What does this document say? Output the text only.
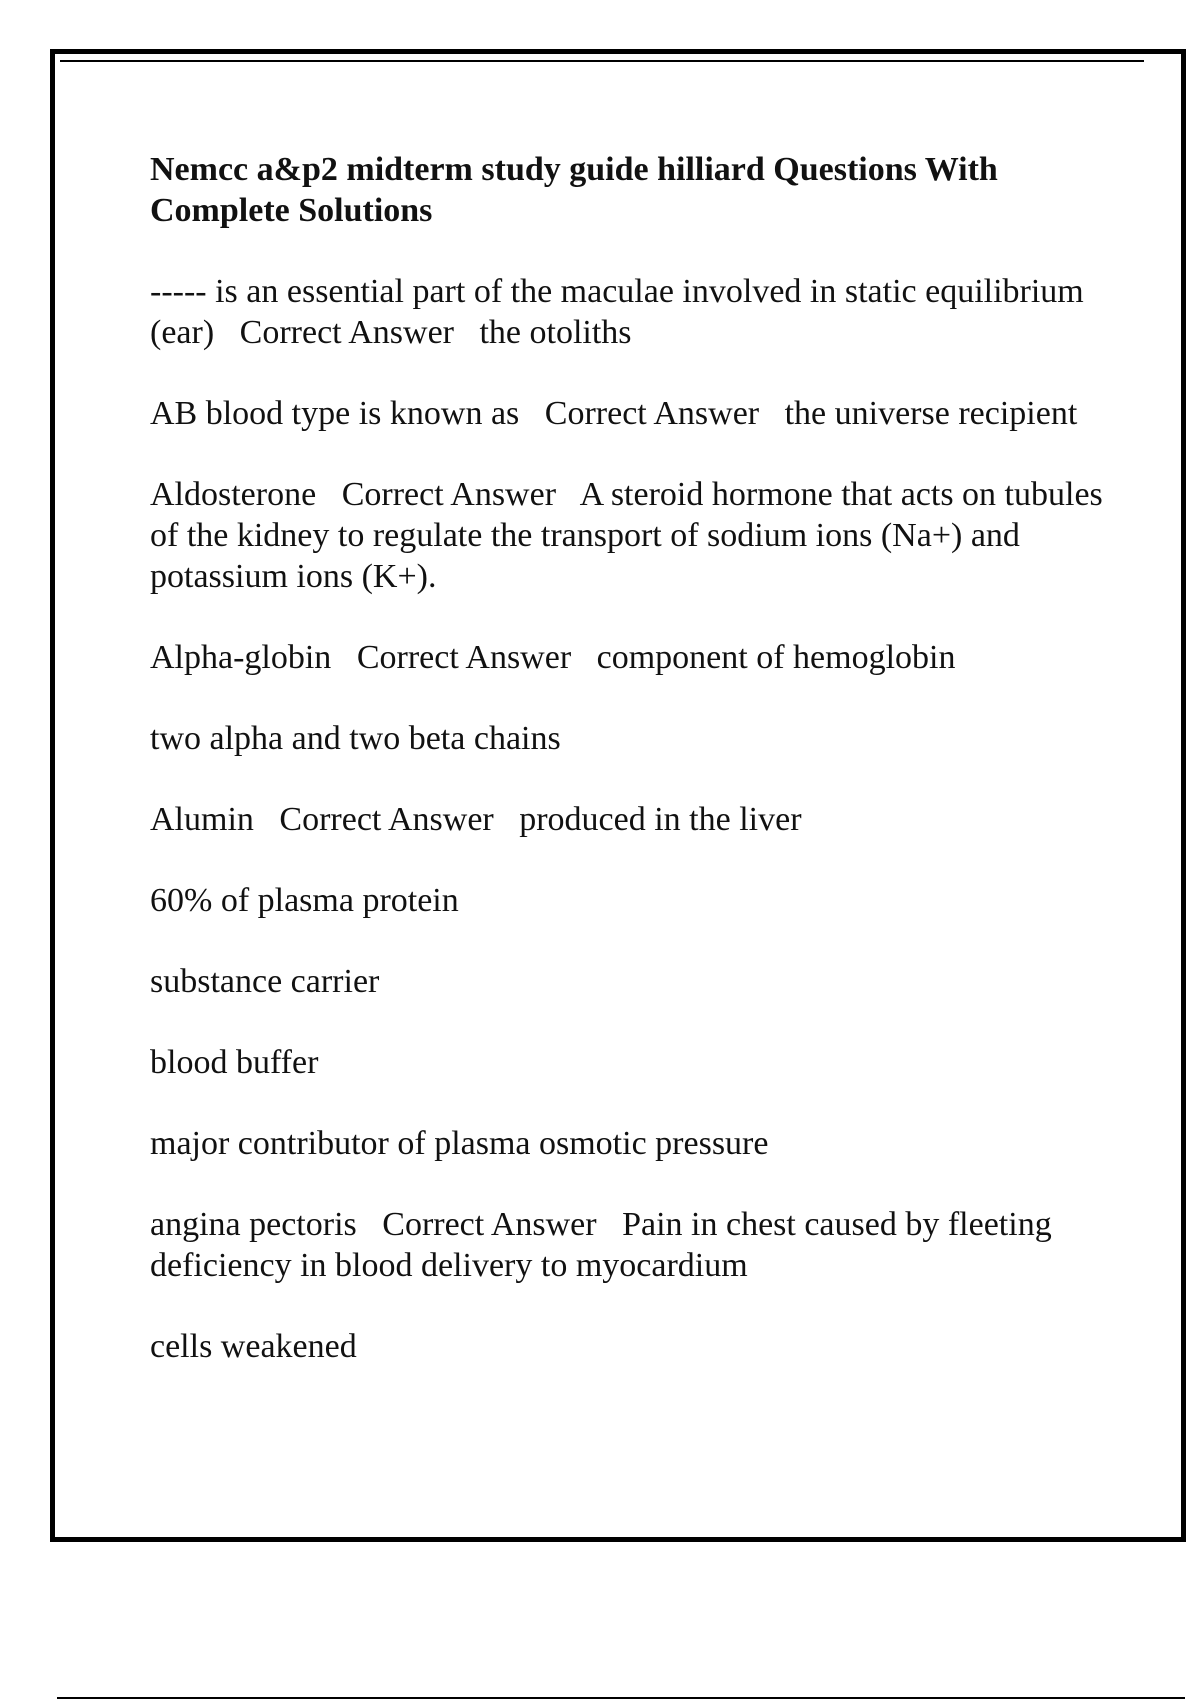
Nemcc a&p2 midterm study guide hilliard Questions With Complete Solutions
----- is an essential part of the maculae involved in static equilibrium (ear) Correct Answer the otoliths
AB blood type is known as Correct Answer the universe recipient
Aldosterone Correct Answer A steroid hormone that acts on tubules of the kidney to regulate the transport of sodium ions (Na+) and potassium ions (K+).
Alpha-globin Correct Answer component of hemoglobin
two alpha and two beta chains
Alumin Correct Answer produced in the liver
60% of plasma protein
substance carrier
blood buffer
major contributor of plasma osmotic pressure
angina pectoris Correct Answer Pain in chest caused by fleeting deficiency in blood delivery to myocardium
cells weakened
